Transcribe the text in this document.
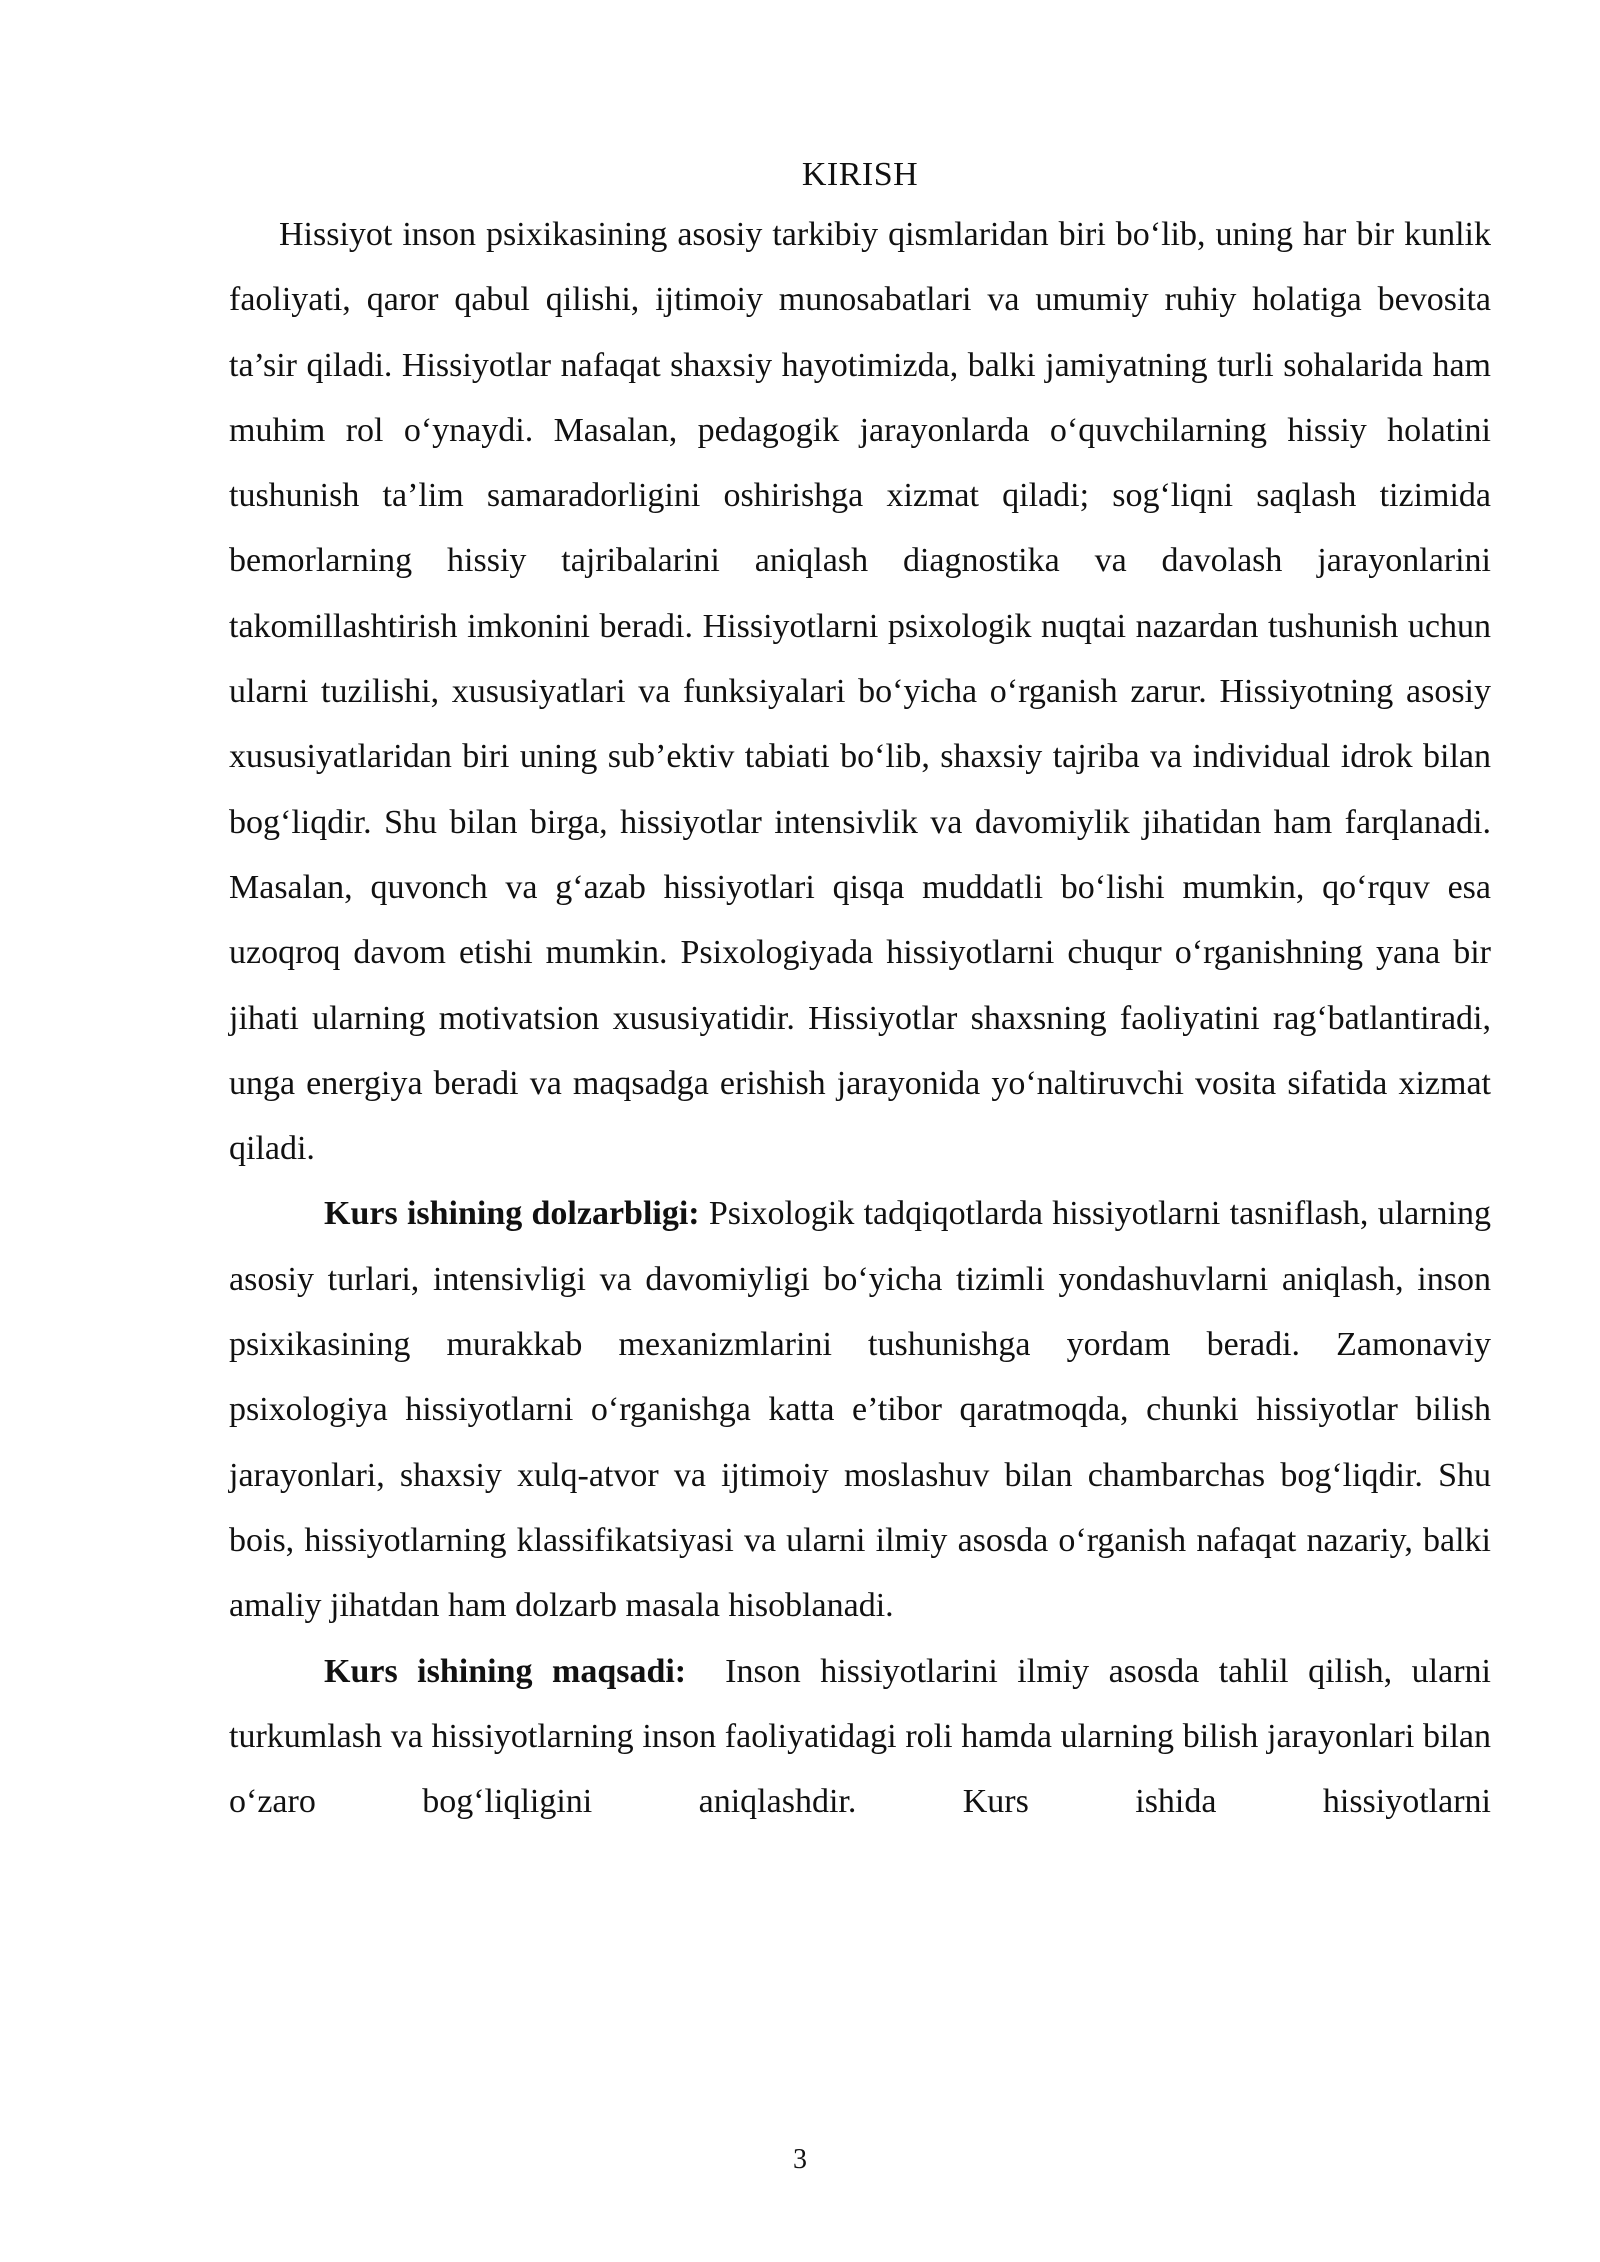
KIRISH

Hissiyot inson psixikasining asosiy tarkibiy qismlaridan biri bo‘lib, uning har bir kunlik faoliyati, qaror qabul qilishi, ijtimoiy munosabatlari va umumiy ruhiy holatiga bevosita ta’sir qiladi. Hissiyotlar nafaqat shaxsiy hayotimizda, balki jamiyatning turli sohalarida ham muhim rol o‘ynaydi. Masalan, pedagogik jarayonlarda o‘quvchilarning hissiy holatini tushunish ta’lim samaradorligini oshirishga xizmat qiladi; sog‘liqni saqlash tizimida bemorlarning hissiy tajribalarini aniqlash diagnostika va davolash jarayonlarini takomillashtirish imkonini beradi. Hissiyotlarni psixologik nuqtai nazardan tushunish uchun ularni tuzilishi, xususiyatlari va funksiyalari bo‘yicha o‘rganish zarur. Hissiyotning asosiy xususiyatlaridan biri uning sub’ektiv tabiati bo‘lib, shaxsiy tajriba va individual idrok bilan bog‘liqdir. Shu bilan birga, hissiyotlar intensivlik va davomiylik jihatidan ham farqlanadi. Masalan, quvonch va g‘azab hissiyotlari qisqa muddatli bo‘lishi mumkin, qo‘rquv esa uzoqroq davom etishi mumkin. Psixologiyada hissiyotlarni chuqur o‘rganishning yana bir jihati ularning motivatsion xususiyatidir. Hissiyotlar shaxsning faoliyatini rag‘batlantiradi, unga energiya beradi va maqsadga erishish jarayonida yo‘naltiruvchi vosita sifatida xizmat qiladi.

Kurs ishining dolzarbligi: Psixologik tadqiqotlarda hissiyotlarni tasniflash, ularning asosiy turlari, intensivligi va davomiyligi bo‘yicha tizimli yondashuvlarni aniqlash, inson psixikasining murakkab mexanizmlarini tushunishga yordam beradi. Zamonaviy psixologiya hissiyotlarni o‘rganishga katta e’tibor qaratmoqda, chunki hissiyotlar bilish jarayonlari, shaxsiy xulq-atvor va ijtimoiy moslashuv bilan chambarchas bog‘liqdir. Shu bois, hissiyotlarning klassifikatsiyasi va ularni ilmiy asosda o‘rganish nafaqat nazariy, balki amaliy jihatdan ham dolzarb masala hisoblanadi.

Kurs ishining maqsadi:  Inson hissiyotlarini ilmiy asosda tahlil qilish, ularni turkumlash va hissiyotlarning inson faoliyatidagi roli hamda ularning bilish jarayonlari bilan o‘zaro bog‘liqligini aniqlashdir. Kurs ishida hissiyotlarni

3
